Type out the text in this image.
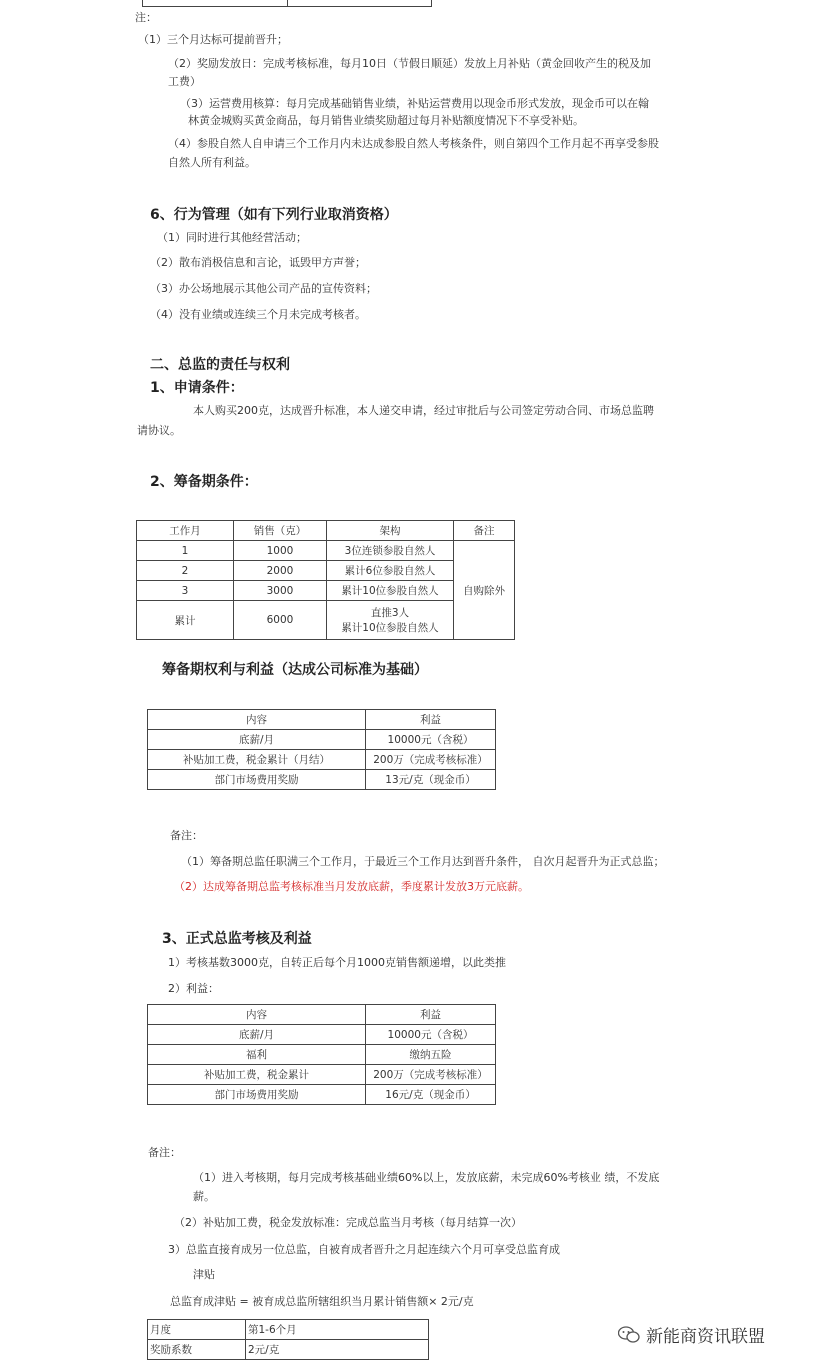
注：
（1）三个月达标可提前晋升；
（2）奖励发放日：完成考核标准，每月10日（节假日顺延）发放上月补贴（黄金回收产生的税及加
工费）
（3）运营费用核算：每月完成基础销售业绩，补贴运营费用以现金币形式发放，现金币可以在翰
林黄金城购买黄金商品，每月销售业绩奖励超过每月补贴额度情况下不享受补贴。
（4）参股自然人自申请三个工作月内未达成参股自然人考核条件，则自第四个工作月起不再享受参股
自然人所有利益。
6、行为管理（如有下列行业取消资格）
（1）同时进行其他经营活动；
（2）散布消极信息和言论，诋毁甲方声誉；
（3）办公场地展示其他公司产品的宣传资料；
（4）没有业绩或连续三个月未完成考核者。
二、总监的责任与权利
1、申请条件：
本人购买200克，达成晋升标准，本人递交申请，经过审批后与公司签定劳动合同、市场总监聘
请协议。
2、筹备期条件：
工作月	销售（克）	架构	备注
1	1000	3位连锁参股自然人	自购除外
2	2000	累计6位参股自然人	
3	3000	累计10位参股自然人	
累计	6000	直推3人
累计10位参股自然人	
筹备期权利与利益（达成公司标准为基础）
内容	利益
底薪/月	10000元（含税）
补贴加工费，税金累计（月结）	200万（完成考核标准）
部门市场费用奖励	13元/克（现金币）
备注：
（1）筹备期总监任职满三个工作月，于最近三个工作月达到晋升条件， 自次月起晋升为正式总监；
（2）达成筹备期总监考核标准当月发放底薪，季度累计发放3万元底薪。
3、正式总监考核及利益
1）考核基数3000克，自转正后每个月1000克销售额递增，以此类推
2）利益：
内容	利益
底薪/月	10000元（含税）
福利	缴纳五险
补贴加工费，税金累计	200万（完成考核标准）
部门市场费用奖励	16元/克（现金币）
备注：
（1）进入考核期，每月完成考核基础业绩60%以上，发放底薪，未完成60%考核业 绩，不发底
薪。
（2）补贴加工费，税金发放标准：完成总监当月考核（每月结算一次）
3）总监直接育成另一位总监，自被育成者晋升之月起连续六个月可享受总监育成
津贴
总监育成津贴 = 被育成总监所辖组织当月累计销售额× 2元/克
月度	第1-6个月
奖励系数	2元/克
新能商资讯联盟
